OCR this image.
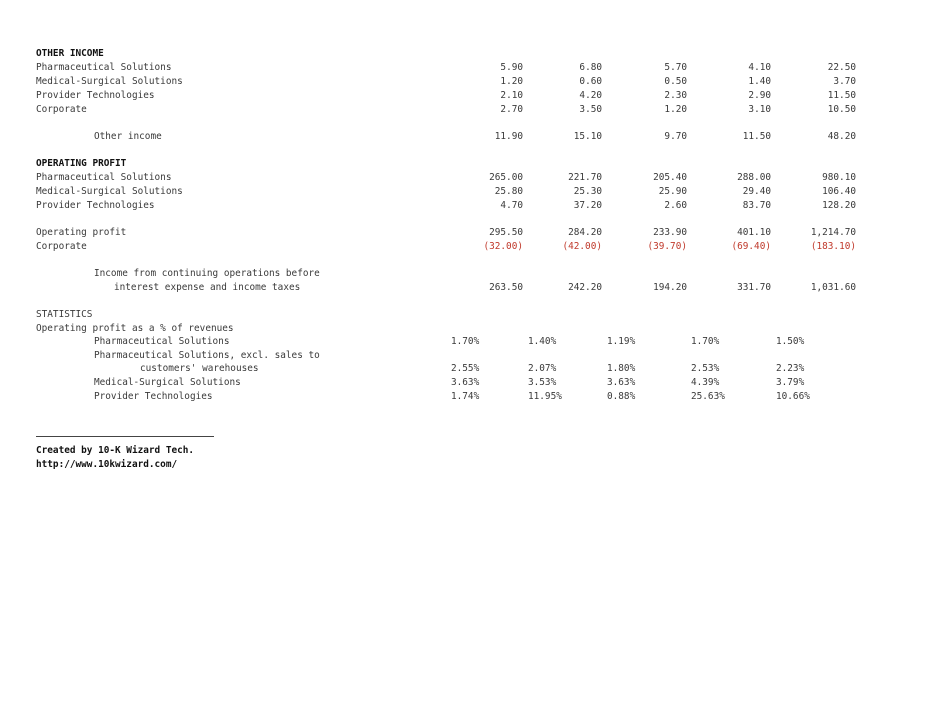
OTHER INCOME
Pharmaceutical Solutions	5.90	6.80	5.70	4.10	22.50
Medical-Surgical Solutions	1.20	0.60	0.50	1.40	3.70
Provider Technologies	2.10	4.20	2.30	2.90	11.50
Corporate	2.70	3.50	1.20	3.10	10.50
Other income	11.90	15.10	9.70	11.50	48.20
OPERATING PROFIT
Pharmaceutical Solutions	265.00	221.70	205.40	288.00	980.10
Medical-Surgical Solutions	25.80	25.30	25.90	29.40	106.40
Provider Technologies	4.70	37.20	2.60	83.70	128.20
Operating profit	295.50	284.20	233.90	401.10	1,214.70
Corporate	(32.00)	(42.00)	(39.70)	(69.40)	(183.10)
Income from continuing operations before
interest expense and income taxes	263.50	242.20	194.20	331.70	1,031.60
STATISTICS
Operating profit as a % of revenues
Pharmaceutical Solutions	1.70%	1.40%	1.19%	1.70%	1.50%
Pharmaceutical Solutions, excl. sales to
customers' warehouses	2.55%	2.07%	1.80%	2.53%	2.23%
Medical-Surgical Solutions	3.63%	3.53%	3.63%	4.39%	3.79%
Provider Technologies	1.74%	11.95%	0.88%	25.63%	10.66%
Created by 10-K Wizard Tech.
http://www.10kwizard.com/
